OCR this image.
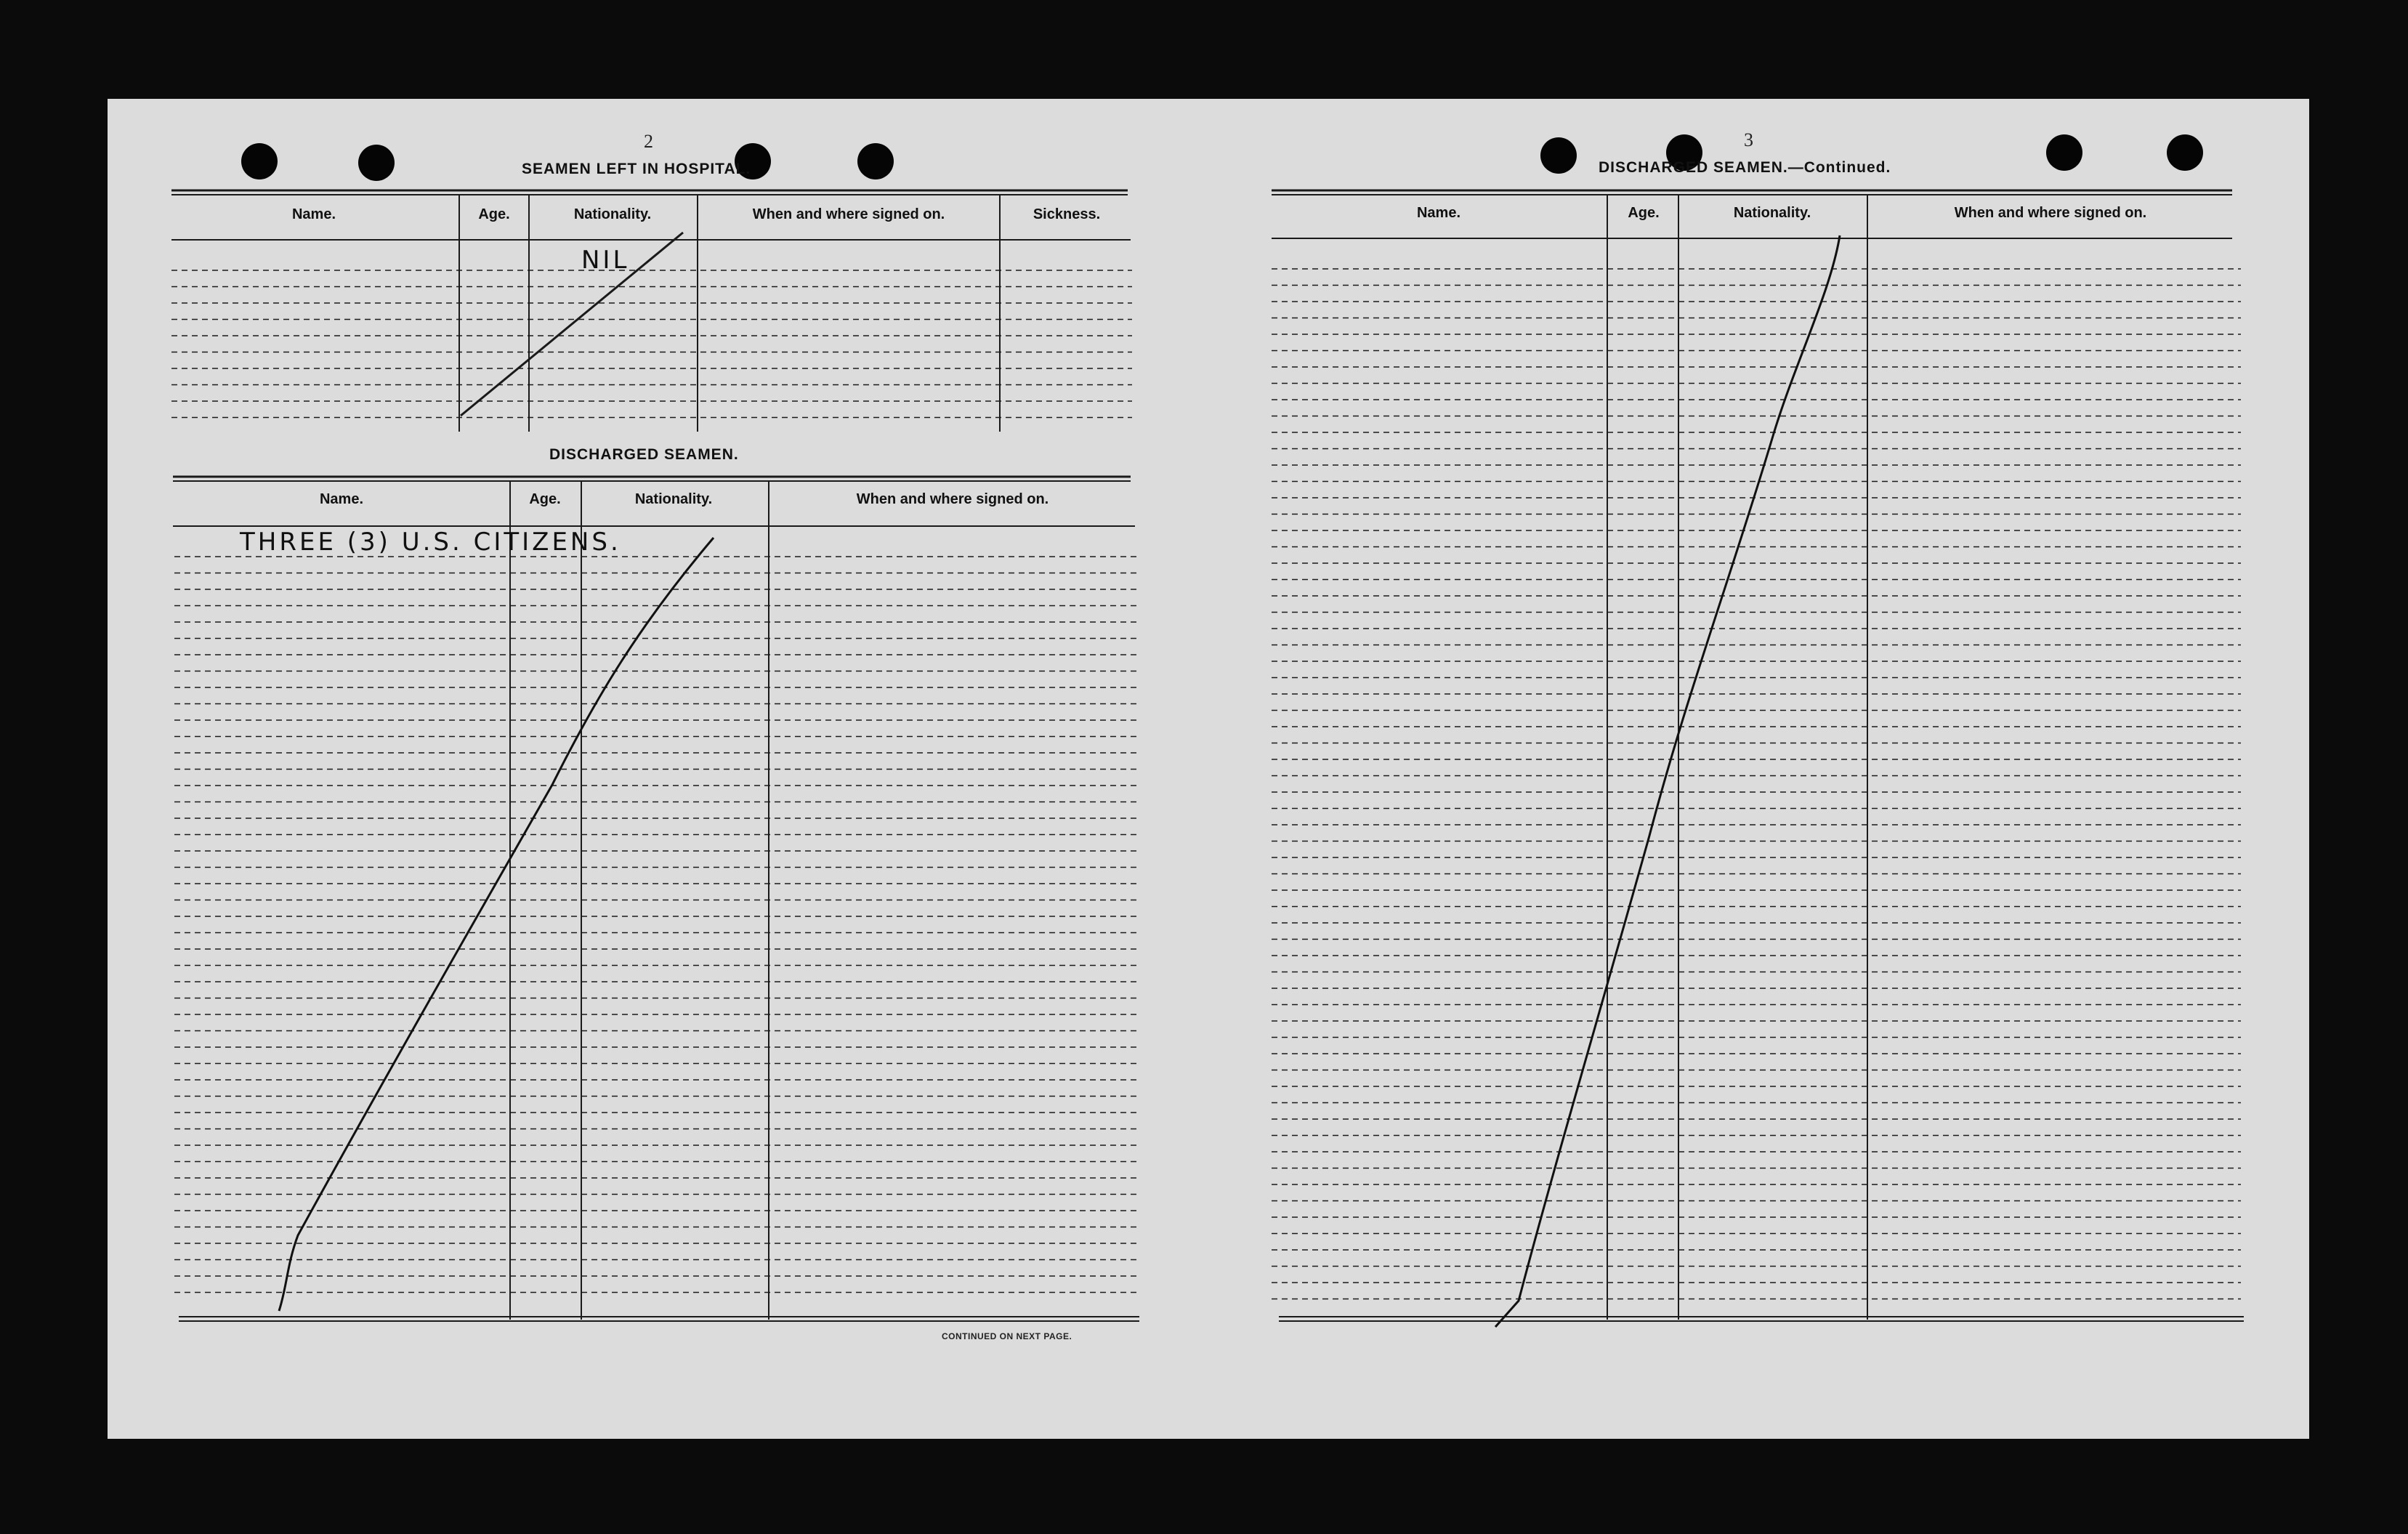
2
SEAMEN LEFT IN HOSPITAL.
Name.	Age.	Nationality.	When and where signed on.	Sickness.
NIL
DISCHARGED SEAMEN.
Name.	Age.	Nationality.	When and where signed on.
THREE (3) U.S. CITIZENS.
CONTINUED ON NEXT PAGE.
3
DISCHARGED SEAMEN.—Continued.
Name.	Age.	Nationality.	When and where signed on.
